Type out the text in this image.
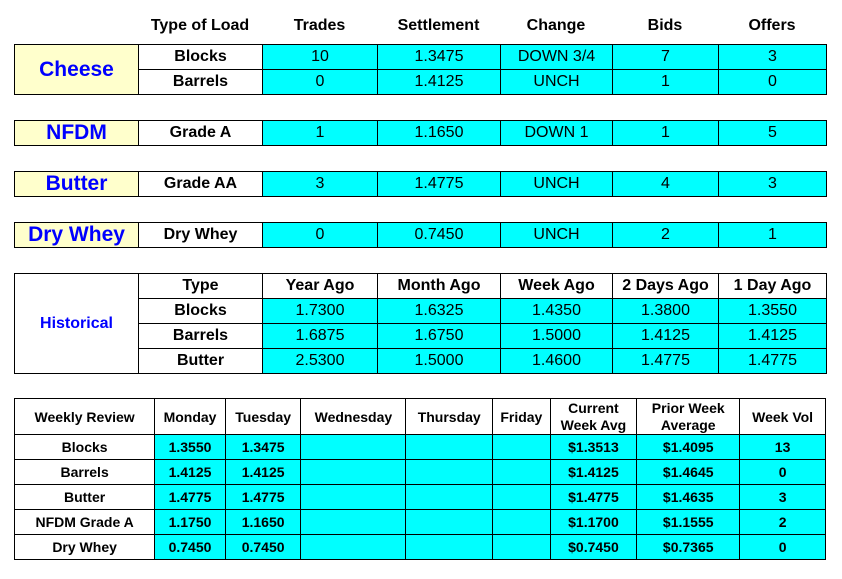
	Type of Load	Trades	Settlement	Change	Bids	Offers
Cheese	Blocks	10	1.3475	DOWN 3/4	7	3
	Barrels	0	1.4125	UNCH	1	0
NFDM	Grade A	1	1.1650	DOWN 1	1	5
Butter	Grade AA	3	1.4775	UNCH	4	3
Dry Whey	Dry Whey	0	0.7450	UNCH	2	1
Historical	Type	Year Ago	Month Ago	Week Ago	2 Days Ago	1 Day Ago
	Blocks	1.7300	1.6325	1.4350	1.3800	1.3550
	Barrels	1.6875	1.6750	1.5000	1.4125	1.4125
	Butter	2.5300	1.5000	1.4600	1.4775	1.4775
Weekly Review	Monday	Tuesday	Wednesday	Thursday	Friday	Current Week Avg	Prior Week Average	Week Vol
Blocks	1.3550	1.3475				$1.3513	$1.4095	13
Barrels	1.4125	1.4125				$1.4125	$1.4645	0
Butter	1.4775	1.4775				$1.4775	$1.4635	3
NFDM Grade A	1.1750	1.1650				$1.1700	$1.1555	2
Dry Whey	0.7450	0.7450				$0.7450	$0.7365	0
